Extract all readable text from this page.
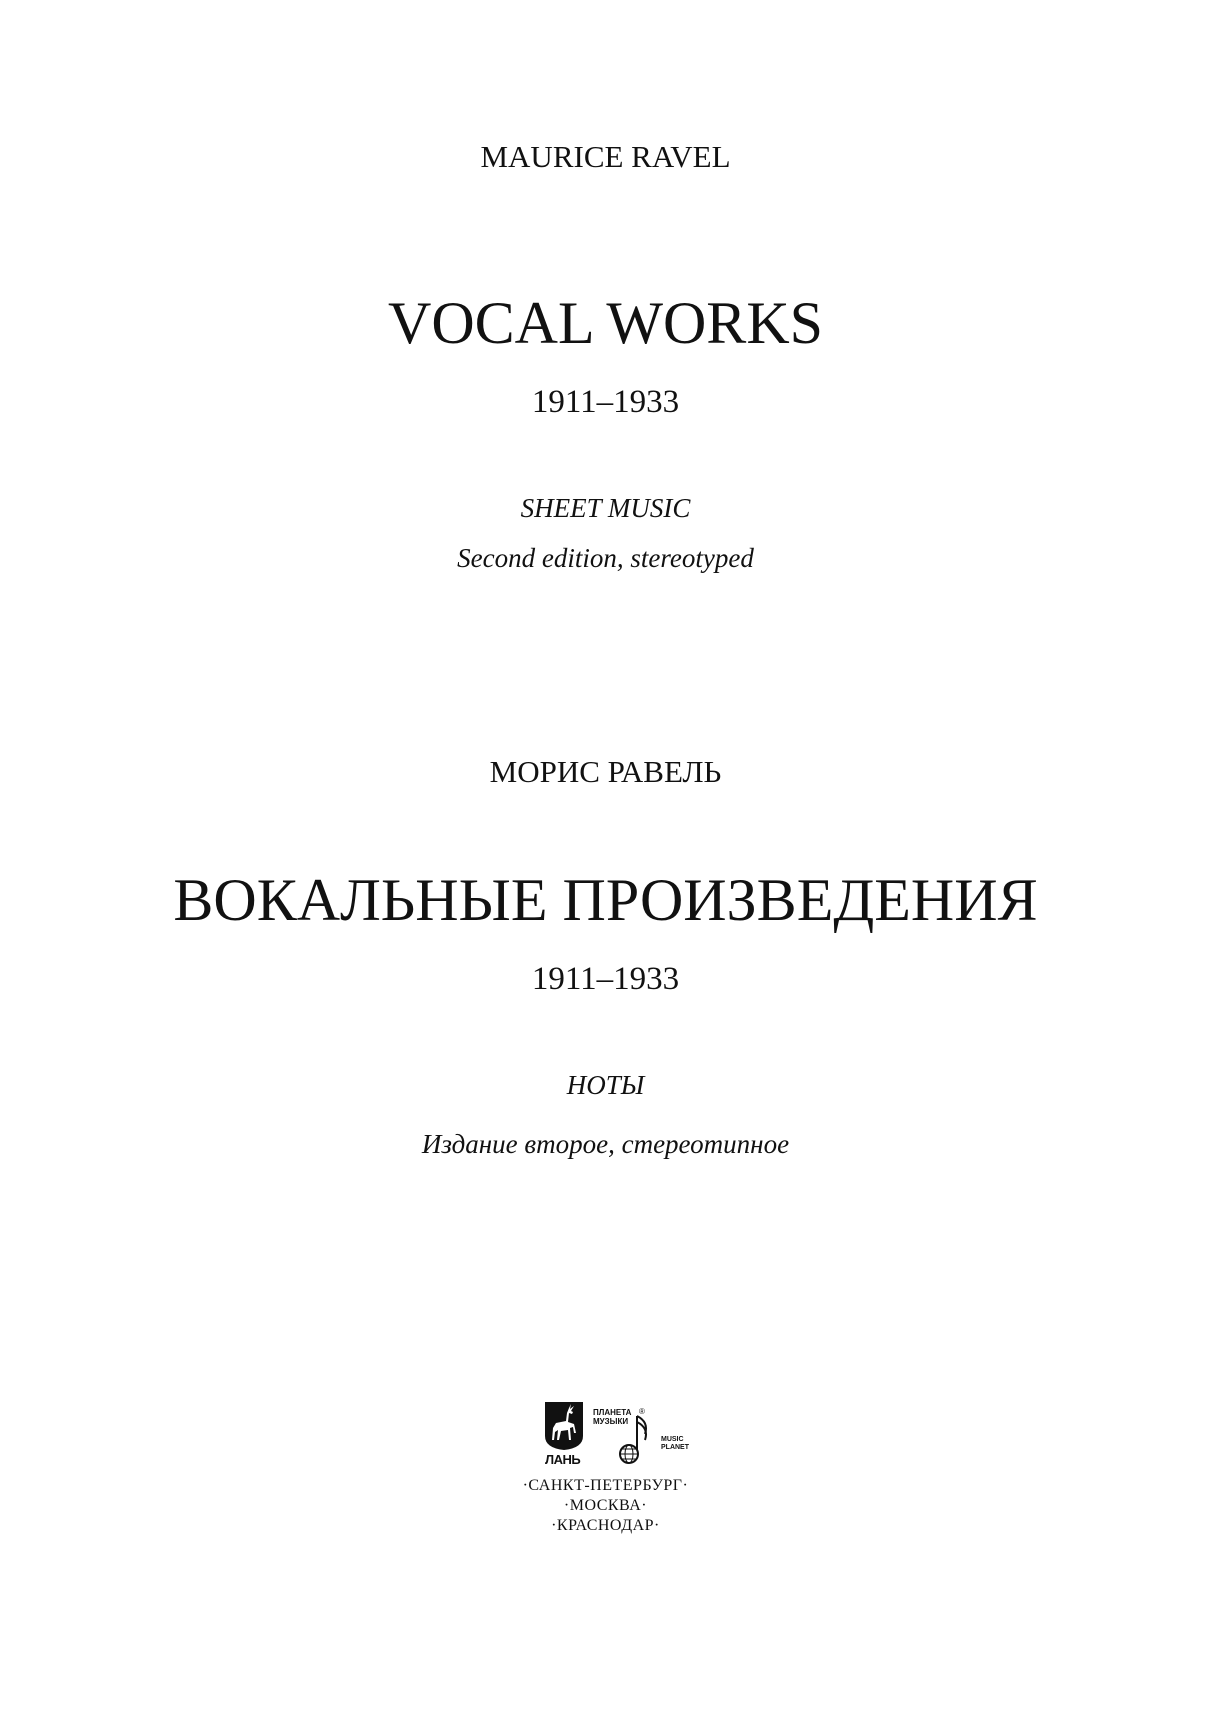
MAURICE RAVEL
VOCAL WORKS
1911–1933
SHEET MUSIC
Second edition, stereotyped
МОРИС РАВЕЛЬ
ВОКАЛЬНЫЕ ПРОИЗВЕДЕНИЯ
1911–1933
НОТЫ
Издание второе, стереотипное
ЛАНЬ
ПЛАНЕТА
МУЗЫКИ
®
MUSIC
PLANET
·САНКТ-ПЕТЕРБУРГ·
·МОСКВА·
·КРАСНОДАР·
